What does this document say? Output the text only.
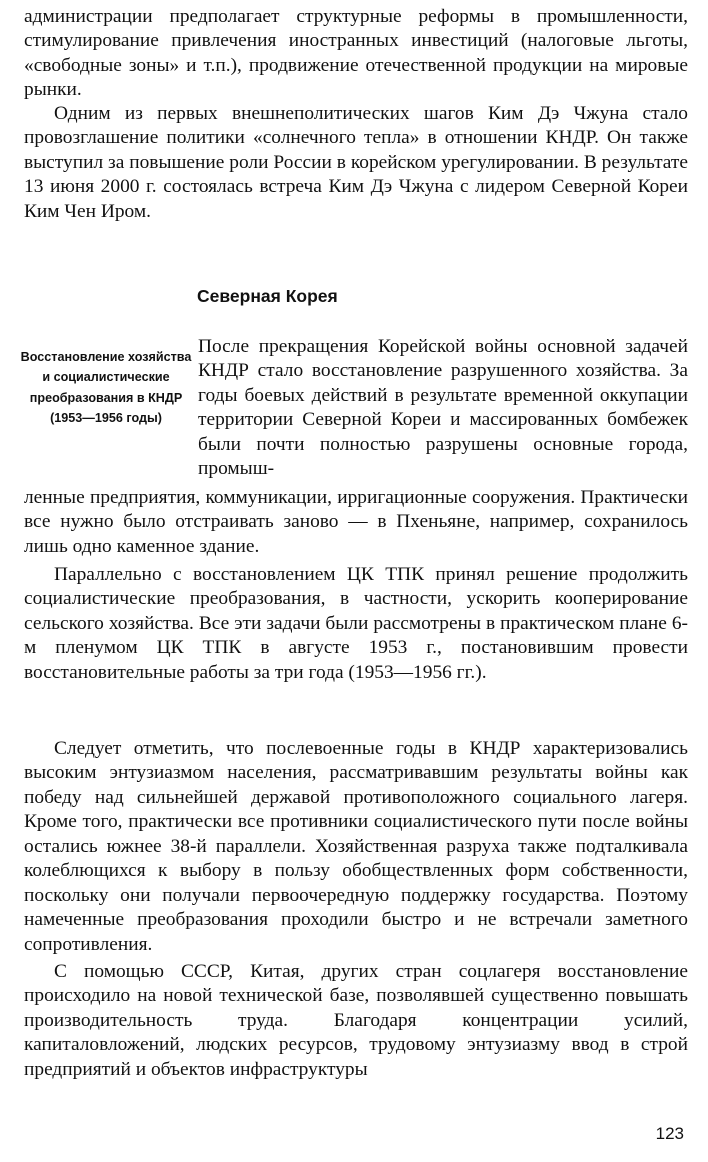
администрации предполагает структурные реформы в промышленности, стимулирование привлечения иностранных инвестиций (налоговые льготы, «свободные зоны» и т.п.), продвижение отечественной продукции на мировые рынки.

Одним из первых внешнеполитических шагов Ким Дэ Чжуна стало провозглашение политики «солнечного тепла» в отношении КНДР. Он также выступил за повышение роли России в корейском урегулировании. В результате 13 июня 2000 г. состоялась встреча Ким Дэ Чжуна с лидером Северной Кореи Ким Чен Иром.

Северная Корея

Восстановление хозяйства и социалистические преобразования в КНДР (1953—1956 годы)

После прекращения Корейской войны основной задачей КНДР стало восстановление разрушенного хозяйства. За годы боевых действий в результате временной оккупации территории Северной Кореи и массированных бомбежек были почти полностью разрушены основные города, промыш-

ленные предприятия, коммуникации, ирригационные сооружения. Практически все нужно было отстраивать заново — в Пхеньяне, например, сохранилось лишь одно каменное здание.

Параллельно с восстановлением ЦК ТПК принял решение продолжить социалистические преобразования, в частности, ускорить кооперирование сельского хозяйства. Все эти задачи были рассмотрены в практическом плане 6-м пленумом ЦК ТПК в августе 1953 г., постановившим провести восстановительные работы за три года (1953—1956 гг.).

Следует отметить, что послевоенные годы в КНДР характеризовались высоким энтузиазмом населения, рассматривавшим результаты войны как победу над сильнейшей державой противоположного социального лагеря. Кроме того, практически все противники социалистического пути после войны остались южнее 38-й параллели. Хозяйственная разруха также подталкивала колеблющихся к выбору в пользу обобществленных форм собственности, поскольку они получали первоочередную поддержку государства. Поэтому намеченные преобразования проходили быстро и не встречали заметного сопротивления.

С помощью СССР, Китая, других стран соцлагеря восстановление происходило на новой технической базе, позволявшей существенно повышать производительность труда. Благодаря концентрации усилий, капиталовложений, людских ресурсов, трудовому энтузиазму ввод в строй предприятий и объектов инфраструктуры

123
